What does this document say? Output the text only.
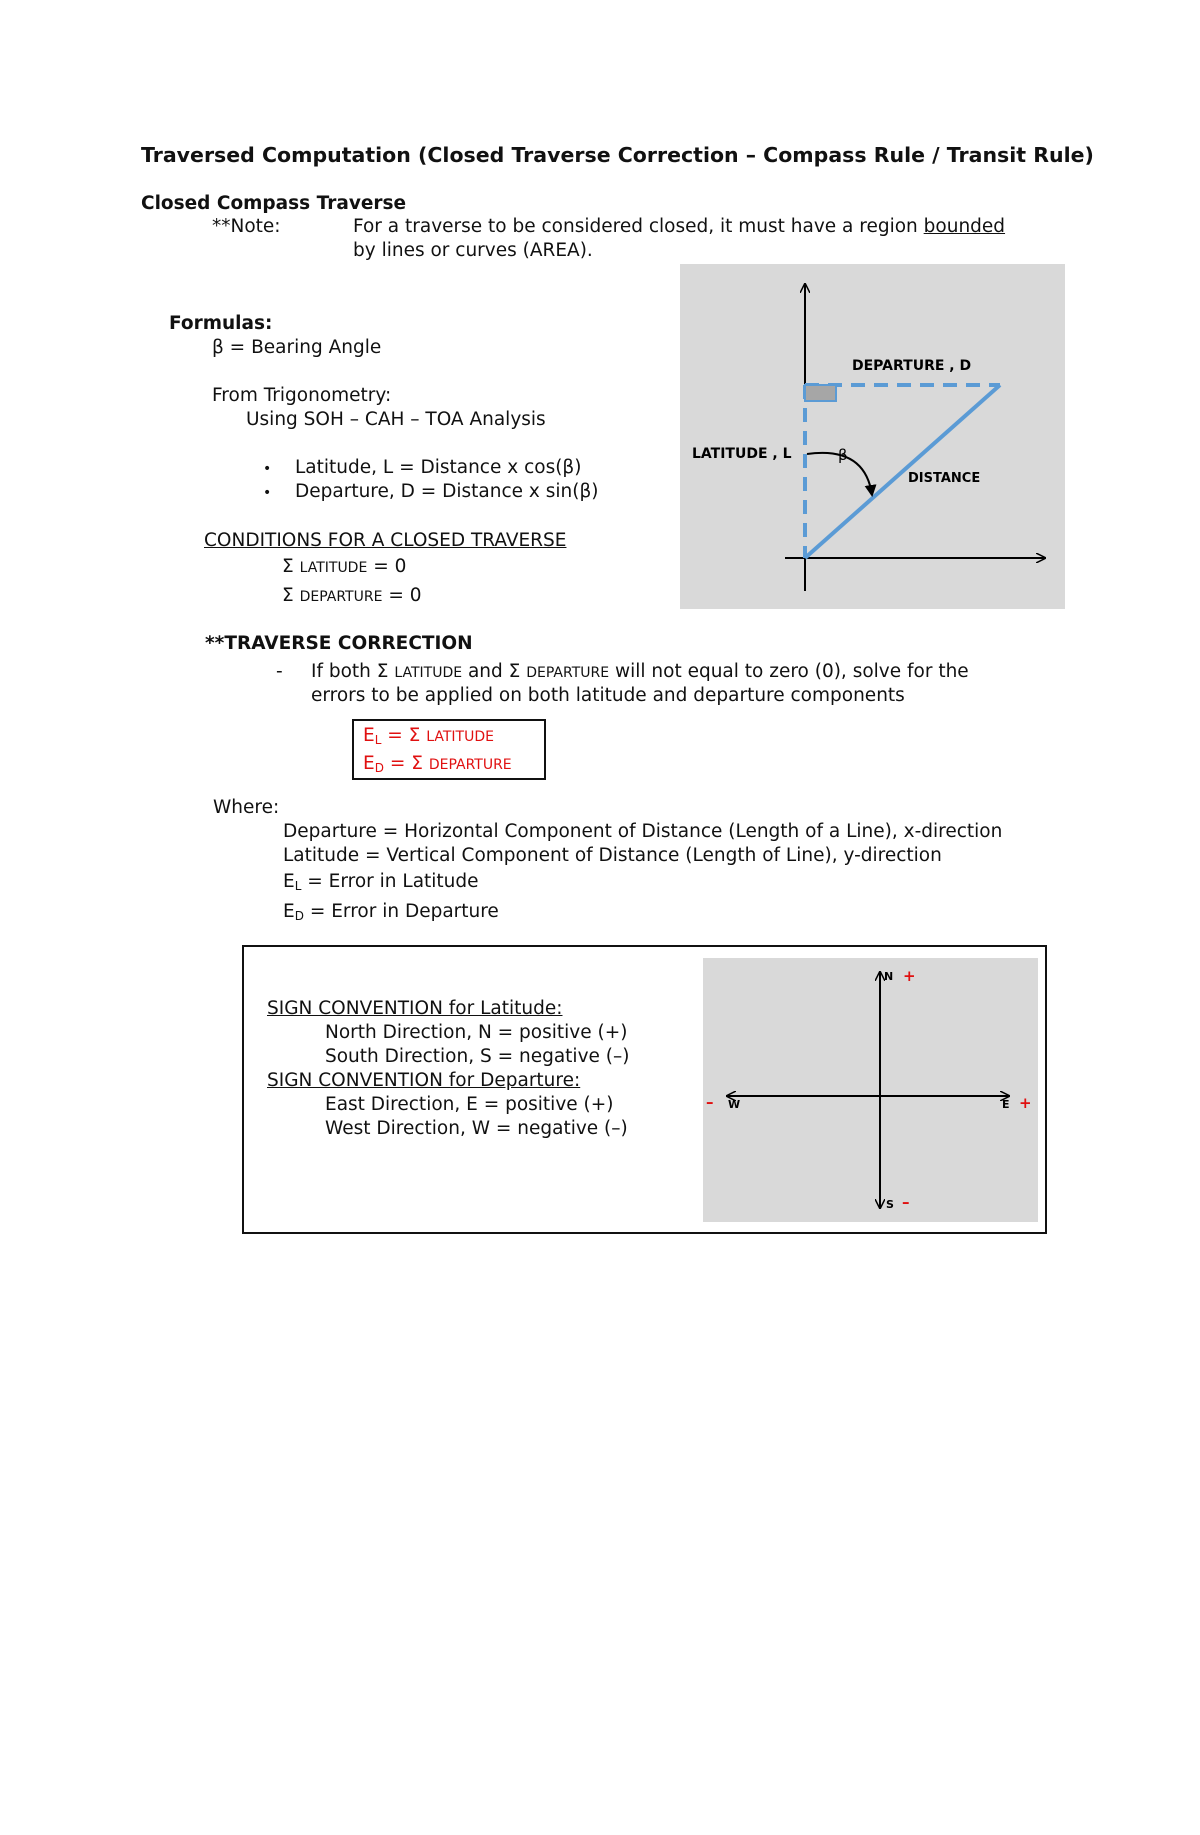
Traversed Computation (Closed Traverse Correction – Compass Rule / Transit Rule)
Closed Compass Traverse
**Note:	For a traverse to be considered closed, it must have a region bounded
by lines or curves (AREA).
Formulas:
β = Bearing Angle
From Trigonometry:
Using SOH – CAH – TOA Analysis
• Latitude, L = Distance x cos(β)
• Departure, D = Distance x sin(β)
CONDITIONS FOR A CLOSED TRAVERSE
Σ LATITUDE = 0
Σ DEPARTURE = 0
DEPARTURE , D
LATITUDE , L	β
DISTANCE
**TRAVERSE CORRECTION
- If both Σ LATITUDE and Σ DEPARTURE will not equal to zero (0), solve for the
errors to be applied on both latitude and departure components
$E_L = \Sigma$ LATITUDE
$E_D = \Sigma$ DEPARTURE
Where:
Departure = Horizontal Component of Distance (Length of a Line), x-direction
Latitude = Vertical Component of Distance (Length of Line), y-direction
$E_L$ = Error in Latitude
$E_D$ = Error in Departure
SIGN CONVENTION for Latitude:
North Direction, N = positive (+)
South Direction, S = negative (–)
SIGN CONVENTION for Departure:
East Direction, E = positive (+)
West Direction, W = negative (–)
N +
S –
E +
W
–
